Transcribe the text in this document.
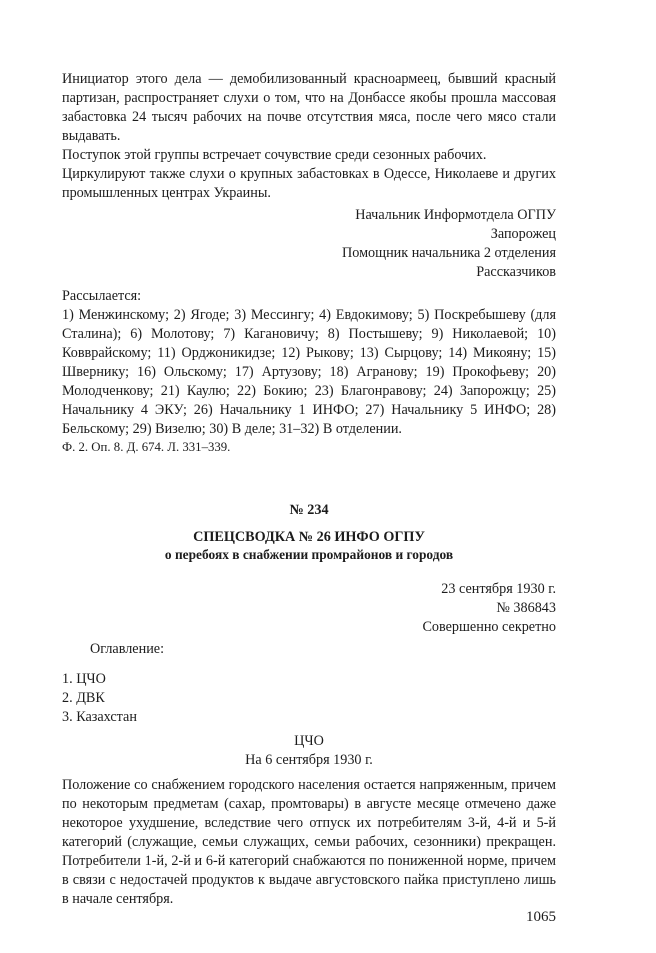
Инициатор этого дела — демобилизованный красноармеец, бывший красный партизан, распространяет слухи о том, что на Донбассе якобы прошла массовая забастовка 24 тысяч рабочих на почве отсутствия мяса, после чего мясо стали выдавать.

Поступок этой группы встречает сочувствие среди сезонных рабочих.

Циркулируют также слухи о крупных забастовках в Одессе, Николаеве и других промышленных центрах Украины.

Начальник Информотдела ОГПУ
Запорожец
Помощник начальника 2 отделения
Рассказчиков
Рассылается:

1) Менжинскому; 2) Ягоде; 3) Мессингу; 4) Евдокимову; 5) Поскребышеву (для Сталина); 6) Молотову; 7) Кагановичу; 8) Постышеву; 9) Николаевой; 10) Ковврайскому; 11) Орджоникидзе; 12) Рыкову; 13) Сырцову; 14) Микояну; 15) Швернику; 16) Ольскому; 17) Артузову; 18) Агранову; 19) Прокофьеву; 20) Молодченкову; 21) Каулю; 22) Бокию; 23) Благонравову; 24) Запорожцу; 25) Начальнику 4 ЭКУ; 26) Начальнику 1 ИНФО; 27) Начальнику 5 ИНФО; 28) Бельскому; 29) Визелю; 30) В деле; 31–32) В отделении.

Ф. 2. Оп. 8. Д. 674. Л. 331–339.
№ 234
СПЕЦСВОДКА № 26 ИНФО ОГПУ
о перебоях в снабжении промрайонов и городов
23 сентября 1930 г.
№ 386843
Совершенно секретно
Оглавление:
1. ЦЧО
2. ДВК
3. Казахстан
ЦЧО
На 6 сентября 1930 г.

Положение со снабжением городского населения остается напряженным, причем по некоторым предметам (сахар, промтовары) в августе месяце отмечено даже некоторое ухудшение, вследствие чего отпуск их потребителям 3-й, 4-й и 5-й категорий (служащие, семьи служащих, семьи рабочих, сезонники) прекращен. Потребители 1-й, 2-й и 6-й категорий снабжаются по пониженной норме, причем в связи с недостачей продуктов к выдаче августовского пайка приступлено лишь в начале сентября.

1065
